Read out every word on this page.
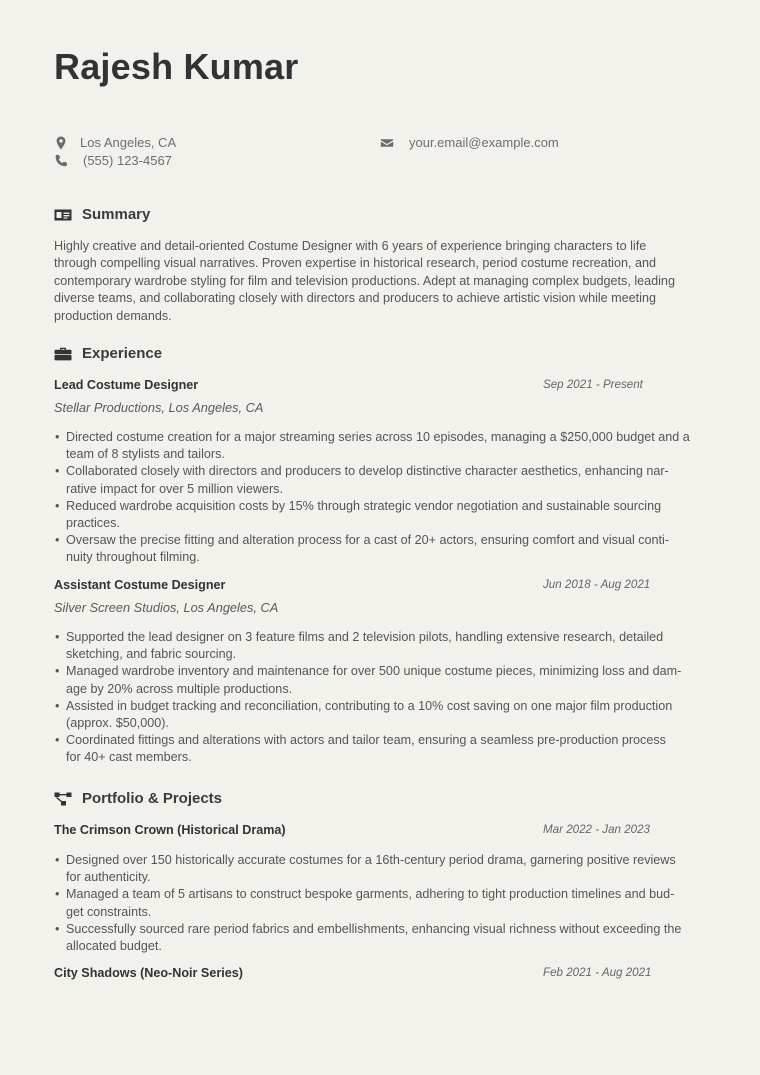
Rajesh Kumar
Los Angeles, CA
(555) 123-4567
your.email@example.com
Summary
Highly creative and detail-oriented Costume Designer with 6 years of experience bringing characters to life
through compelling visual narratives. Proven expertise in historical research, period costume recreation, and
contemporary wardrobe styling for film and television productions. Adept at managing complex budgets, leading
diverse teams, and collaborating closely with directors and producers to achieve artistic vision while meeting
production demands.
Experience
Lead Costume Designer	Sep 2021 - Present
Stellar Productions, Los Angeles, CA
• Directed costume creation for a major streaming series across 10 episodes, managing a $250,000 budget and a
team of 8 stylists and tailors.
• Collaborated closely with directors and producers to develop distinctive character aesthetics, enhancing nar-
rative impact for over 5 million viewers.
• Reduced wardrobe acquisition costs by 15% through strategic vendor negotiation and sustainable sourcing
practices.
• Oversaw the precise fitting and alteration process for a cast of 20+ actors, ensuring comfort and visual conti-
nuity throughout filming.
Assistant Costume Designer	Jun 2018 - Aug 2021
Silver Screen Studios, Los Angeles, CA
• Supported the lead designer on 3 feature films and 2 television pilots, handling extensive research, detailed
sketching, and fabric sourcing.
• Managed wardrobe inventory and maintenance for over 500 unique costume pieces, minimizing loss and dam-
age by 20% across multiple productions.
• Assisted in budget tracking and reconciliation, contributing to a 10% cost saving on one major film production
(approx. $50,000).
• Coordinated fittings and alterations with actors and tailor team, ensuring a seamless pre-production process
for 40+ cast members.
Portfolio & Projects
The Crimson Crown (Historical Drama)	Mar 2022 - Jan 2023
• Designed over 150 historically accurate costumes for a 16th-century period drama, garnering positive reviews
for authenticity.
• Managed a team of 5 artisans to construct bespoke garments, adhering to tight production timelines and bud-
get constraints.
• Successfully sourced rare period fabrics and embellishments, enhancing visual richness without exceeding the
allocated budget.
City Shadows (Neo-Noir Series)	Feb 2021 - Aug 2021
